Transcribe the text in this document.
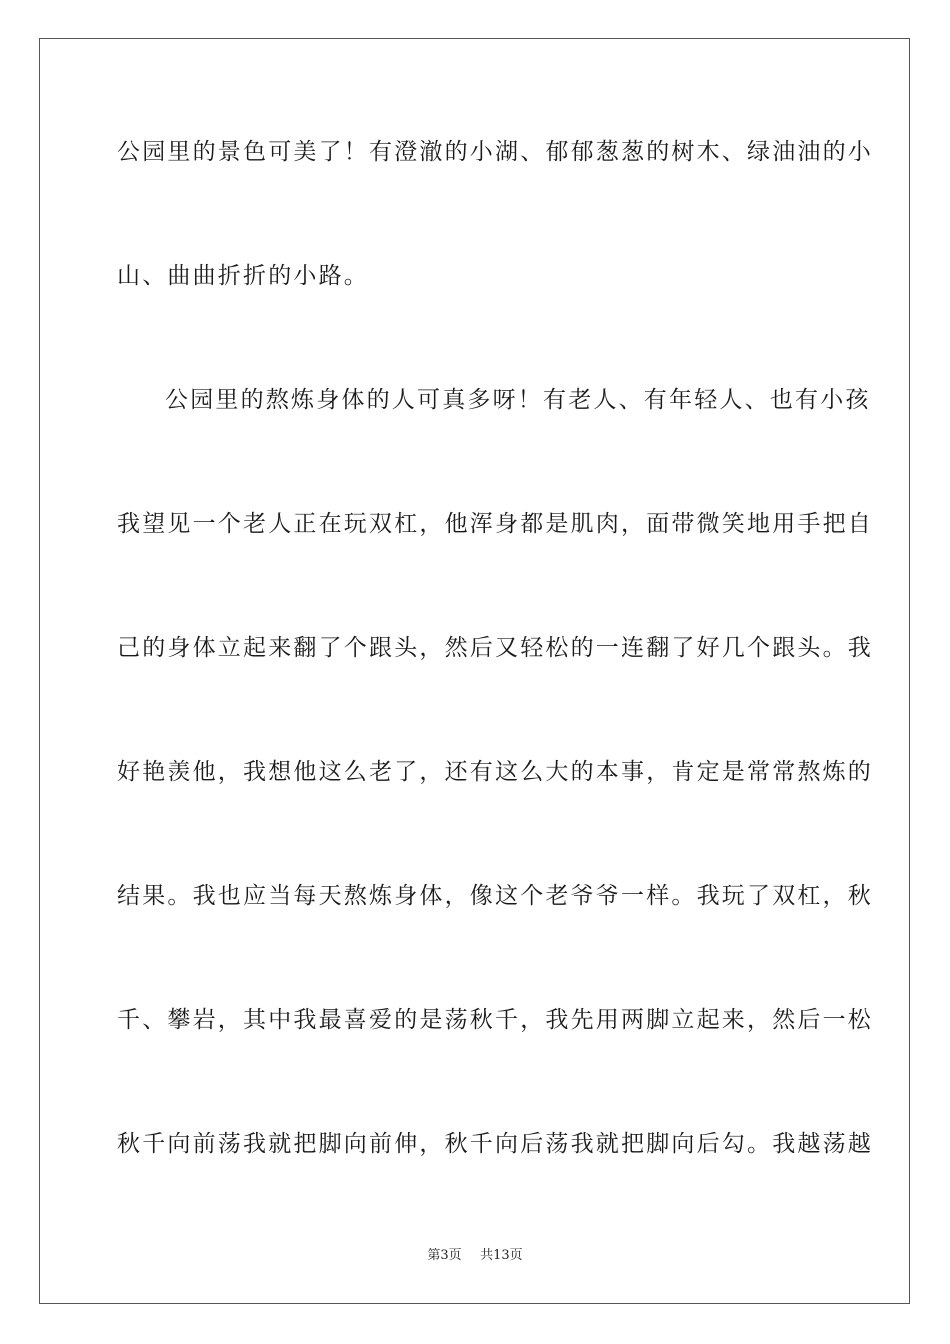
公园里的景色可美了！有澄澈的小湖、郁郁葱葱的树木、绿油油的小
山、曲曲折折的小路。
公园里的熬炼身体的人可真多呀！有老人、有年轻人、也有小孩
我望见一个老人正在玩双杠，他浑身都是肌肉，面带微笑地用手把自
己的身体立起来翻了个跟头，然后又轻松的一连翻了好几个跟头。我
好艳羡他，我想他这么老了，还有这么大的本事，肯定是常常熬炼的
结果。我也应当每天熬炼身体，像这个老爷爷一样。我玩了双杠，秋
千、攀岩，其中我最喜爱的是荡秋千，我先用两脚立起来，然后一松
秋千向前荡我就把脚向前伸，秋千向后荡我就把脚向后勾。我越荡越
第3页 共13页
